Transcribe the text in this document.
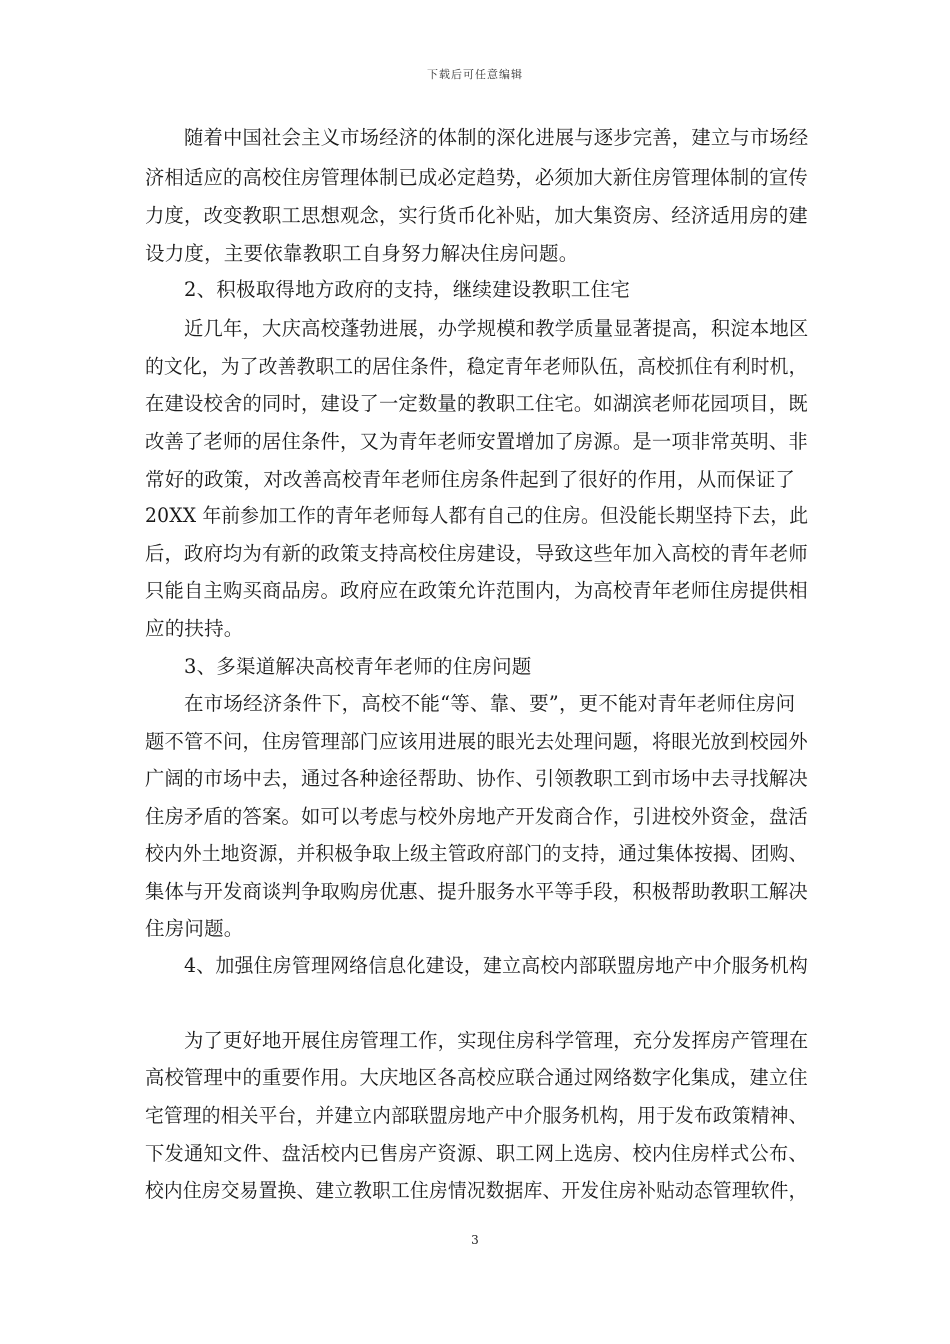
下载后可任意编辑
随着中国社会主义市场经济的体制的深化进展与逐步完善，建立与市场经
济相适应的高校住房管理体制已成必定趋势，必须加大新住房管理体制的宣传
力度，改变教职工思想观念，实行货币化补贴，加大集资房、经济适用房的建
设力度，主要依靠教职工自身努力解决住房问题。
2、积极取得地方政府的支持，继续建设教职工住宅
近几年，大庆高校蓬勃进展，办学规模和教学质量显著提高，积淀本地区
的文化，为了改善教职工的居住条件，稳定青年老师队伍，高校抓住有利时机，
在建设校舍的同时，建设了一定数量的教职工住宅。如湖滨老师花园项目，既
改善了老师的居住条件，又为青年老师安置增加了房源。是一项非常英明、非
常好的政策，对改善高校青年老师住房条件起到了很好的作用，从而保证了
20XX 年前参加工作的青年老师每人都有自己的住房。但没能长期坚持下去，此
后，政府均为有新的政策支持高校住房建设，导致这些年加入高校的青年老师
只能自主购买商品房。政府应在政策允许范围内，为高校青年老师住房提供相
应的扶持。
3、多渠道解决高校青年老师的住房问题
在市场经济条件下，高校不能“等、靠、要”，更不能对青年老师住房问
题不管不问，住房管理部门应该用进展的眼光去处理问题，将眼光放到校园外
广阔的市场中去，通过各种途径帮助、协作、引领教职工到市场中去寻找解决
住房矛盾的答案。如可以考虑与校外房地产开发商合作，引进校外资金，盘活
校内外土地资源，并积极争取上级主管政府部门的支持，通过集体按揭、团购、
集体与开发商谈判争取购房优惠、提升服务水平等手段，积极帮助教职工解决
住房问题。
4、加强住房管理网络信息化建设，建立高校内部联盟房地产中介服务机构
为了更好地开展住房管理工作，实现住房科学管理，充分发挥房产管理在
高校管理中的重要作用。大庆地区各高校应联合通过网络数字化集成，建立住
宅管理的相关平台，并建立内部联盟房地产中介服务机构，用于发布政策精神、
下发通知文件、盘活校内已售房产资源、职工网上选房、校内住房样式公布、
校内住房交易置换、建立教职工住房情况数据库、开发住房补贴动态管理软件，
3
